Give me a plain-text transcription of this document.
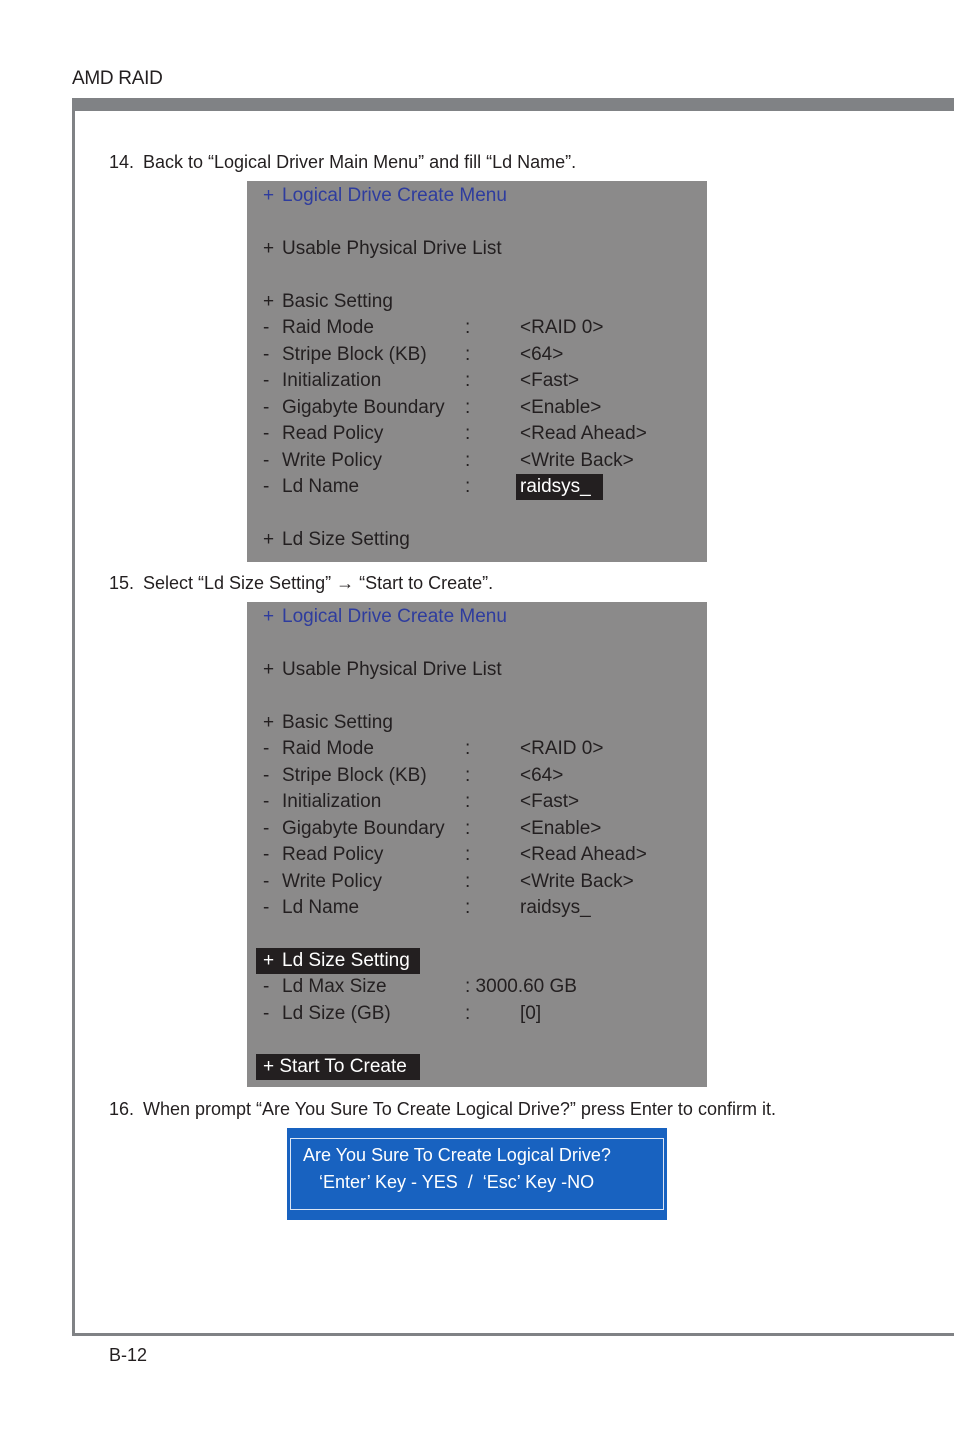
AMD RAID
14. Back to “Logical Driver Main Menu” and fill “Ld Name”.
+ Logical Drive Create Menu
+ Usable Physical Drive List
+ Basic Setting
- Raid Mode	:	<RAID 0>
- Stripe Block (KB) :	<64>
- Initialization	:	<Fast>
- Gigabyte Boundary :	<Enable>
- Read Policy	:	<Read Ahead>
- Write Policy	:	<Write Back>
- Ld Name	:	raidsys_
+ Ld Size Setting
15. Select “Ld Size Setting” → “Start to Create”.
+ Logical Drive Create Menu
+ Usable Physical Drive List
+ Basic Setting
- Raid Mode	:	<RAID 0>
- Stripe Block (KB) :	<64>
- Initialization	:	<Fast>
- Gigabyte Boundary :	<Enable>
- Read Policy	:	<Read Ahead>
- Write Policy	:	<Write Back>
- Ld Name	:	raidsys_
+ Ld Size Setting
- Ld Max Size	: 3000.60 GB
- Ld Size (GB)	:	[0]
+ Start To Create
16. When prompt “Are You Sure To Create Logical Drive?” press Enter to confirm it.
Are You Sure To Create Logical Drive?
‘Enter’ Key - YES  /  ‘Esc’ Key -NO
B-12
